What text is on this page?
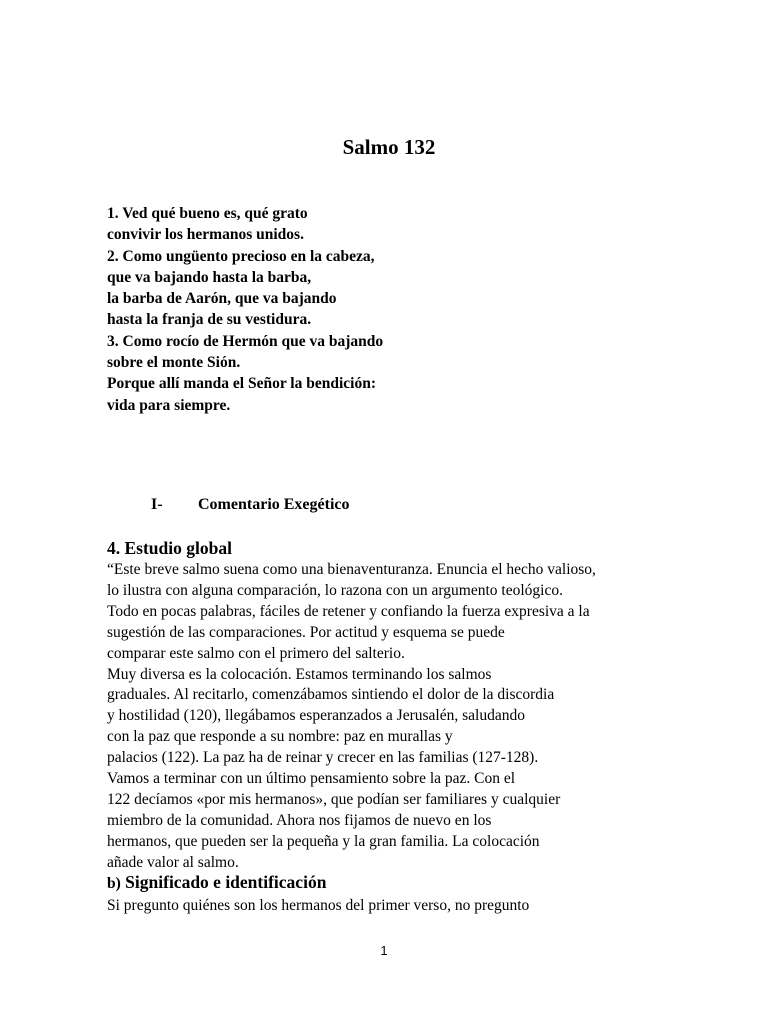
Salmo 132
1. Ved qué bueno es, qué grato
convivir los hermanos unidos.
2. Como ungüento precioso en la cabeza,
que va bajando hasta la barba,
la barba de Aarón, que va bajando
hasta la franja de su vestidura.
3. Como rocío de Hermón que va bajando
sobre el monte Sión.
Porque allí manda el Señor la bendición:
vida para siempre.
I- Comentario Exegético
4. Estudio global
“Este breve salmo suena como una bienaventuranza. Enuncia el hecho valioso,
lo ilustra con alguna comparación, lo razona con un argumento teológico.
Todo en pocas palabras, fáciles de retener y confiando la fuerza expresiva a la
sugestión de las comparaciones. Por actitud y esquema se puede
comparar este salmo con el primero del salterio.
Muy diversa es la colocación. Estamos terminando los salmos
graduales. Al recitarlo, comenzábamos sintiendo el dolor de la discordia
y hostilidad (120), llegábamos esperanzados a Jerusalén, saludando
con la paz que responde a su nombre: paz en murallas y
palacios (122). La paz ha de reinar y crecer en las familias (127-128).
Vamos a terminar con un último pensamiento sobre la paz. Con el
122 decíamos «por mis hermanos», que podían ser familiares y cualquier
miembro de la comunidad. Ahora nos fijamos de nuevo en los
hermanos, que pueden ser la pequeña y la gran familia. La colocación
añade valor al salmo.
b) Significado e identificación

Si pregunto quiénes son los hermanos del primer verso, no pregunto

1
